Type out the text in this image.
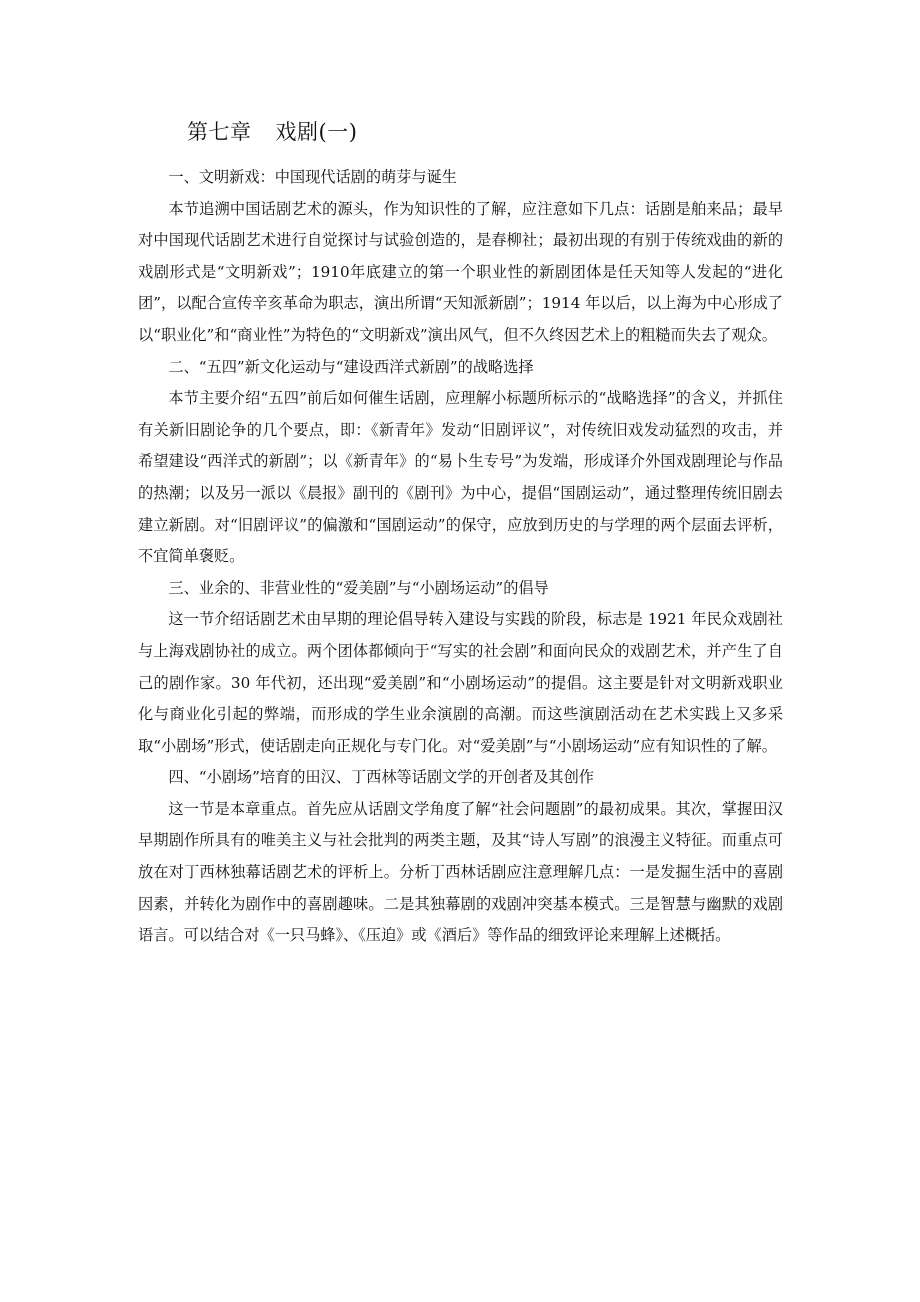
第七章 戏剧(一)
一、文明新戏：中国现代话剧的萌芽与诞生

本节追溯中国话剧艺术的源头，作为知识性的了解，应注意如下几点：话剧是舶来品；最早对中国现代话剧艺术进行自觉探讨与试验创造的，是春柳社；最初出现的有别于传统戏曲的新的戏剧形式是“文明新戏”；1910年底建立的第一个职业性的新剧团体是任天知等人发起的“进化团”，以配合宣传辛亥革命为职志，演出所谓“天知派新剧”；1914 年以后，以上海为中心形成了以“职业化”和“商业性”为特色的“文明新戏”演出风气，但不久终因艺术上的粗糙而失去了观众。

二、“五四”新文化运动与“建设西洋式新剧”的战略选择

本节主要介绍“五四”前后如何催生话剧，应理解小标题所标示的“战略选择”的含义，并抓住有关新旧剧论争的几个要点，即：《新青年》发动“旧剧评议”，对传统旧戏发动猛烈的攻击，并希望建设“西洋式的新剧”；以《新青年》的“易卜生专号”为发端，形成译介外国戏剧理论与作品的热潮；以及另一派以《晨报》副刊的《剧刊》为中心，提倡“国剧运动”，通过整理传统旧剧去建立新剧。对“旧剧评议”的偏激和“国剧运动”的保守，应放到历史的与学理的两个层面去评析，不宜简单褒贬。

三、业余的、非营业性的“爱美剧”与“小剧场运动”的倡导

这一节介绍话剧艺术由早期的理论倡导转入建设与实践的阶段，标志是 1921 年民众戏剧社与上海戏剧协社的成立。两个团体都倾向于“写实的社会剧”和面向民众的戏剧艺术，并产生了自己的剧作家。30 年代初，还出现“爱美剧”和“小剧场运动”的提倡。这主要是针对文明新戏职业化与商业化引起的弊端，而形成的学生业余演剧的高潮。而这些演剧活动在艺术实践上又多采取“小剧场”形式，使话剧走向正规化与专门化。对“爱美剧”与“小剧场运动”应有知识性的了解。

四、“小剧场”培育的田汉、丁西林等话剧文学的开创者及其创作

这一节是本章重点。首先应从话剧文学角度了解“社会问题剧”的最初成果。其次，掌握田汉早期剧作所具有的唯美主义与社会批判的两类主题，及其“诗人写剧”的浪漫主义特征。而重点可放在对丁西林独幕话剧艺术的评析上。分析丁西林话剧应注意理解几点：一是发掘生活中的喜剧因素，并转化为剧作中的喜剧趣味。二是其独幕剧的戏剧冲突基本模式。三是智慧与幽默的戏剧语言。可以结合对《一只马蜂》、《压迫》或《酒后》等作品的细致评论来理解上述概括。
